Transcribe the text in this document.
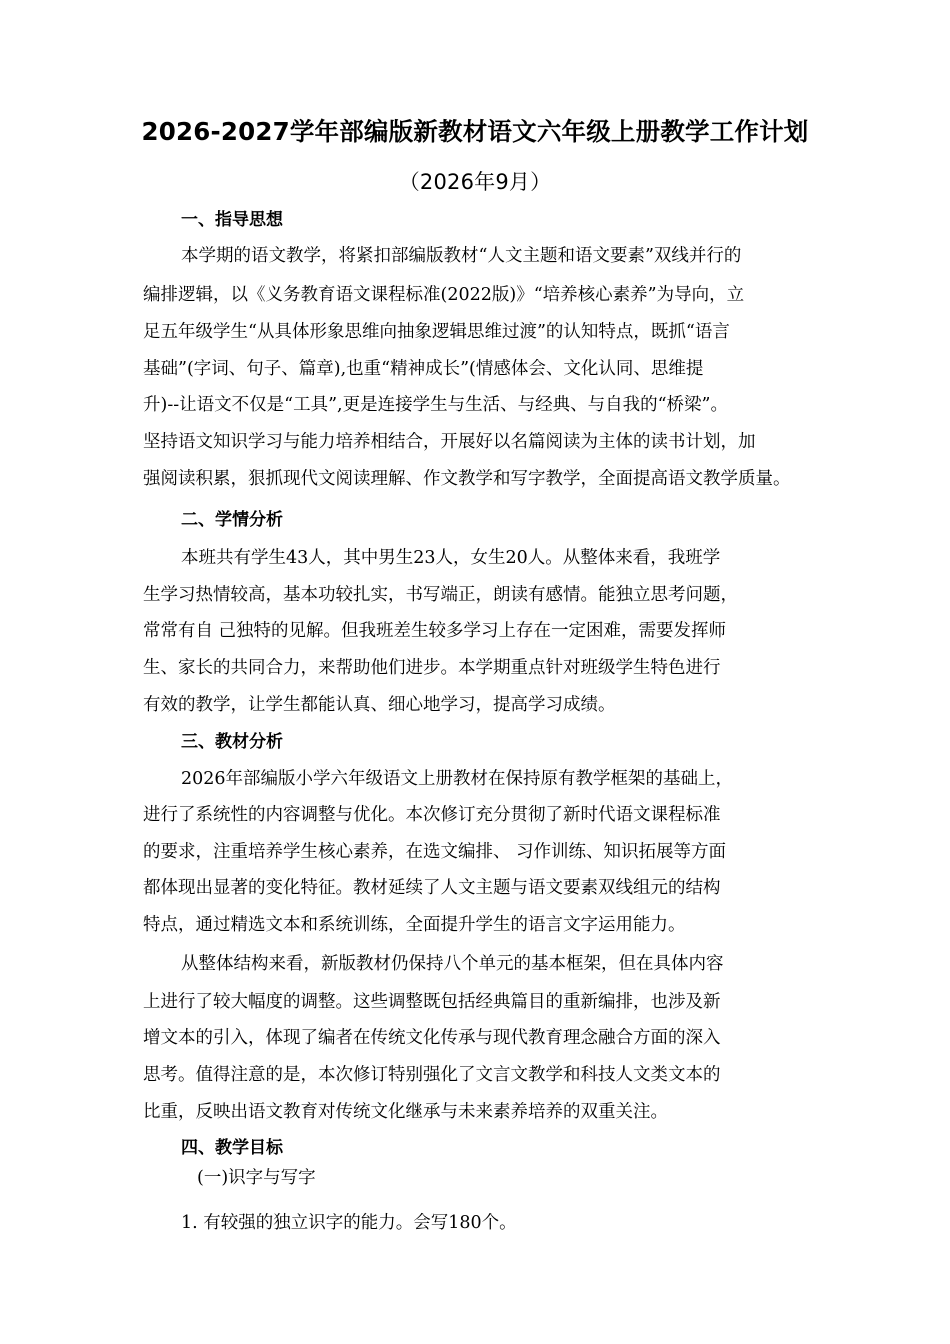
2026-2027学年部编版新教材语文六年级上册教学工作计划
（2026年9月）
一、指导思想
本学期的语文教学，将紧扣部编版教材“人文主题和语文要素”双线并行的
编排逻辑，以《义务教育语文课程标准(2022版)》“培养核心素养”为导向，立
足五年级学生“从具体形象思维向抽象逻辑思维过渡”的认知特点，既抓“语言
基础”(字词、句子、篇章),也重“精神成长”(情感体会、文化认同、思维提
升)--让语文不仅是“工具”,更是连接学生与生活、与经典、与自我的“桥梁”。
坚持语文知识学习与能力培养相结合，开展好以名篇阅读为主体的读书计划，加
强阅读积累，狠抓现代文阅读理解、作文教学和写字教学，全面提高语文教学质量。
二、学情分析
本班共有学生43人，其中男生23人，女生20人。从整体来看，我班学
生学习热情较高，基本功较扎实，书写端正，朗读有感情。能独立思考问题，
常常有自 己独特的见解。但我班差生较多学习上存在一定困难，需要发挥师
生、家长的共同合力，来帮助他们进步。本学期重点针对班级学生特色进行
有效的教学，让学生都能认真、细心地学习，提高学习成绩。
三、教材分析
2026年部编版小学六年级语文上册教材在保持原有教学框架的基础上，
进行了系统性的内容调整与优化。本次修订充分贯彻了新时代语文课程标准
的要求，注重培养学生核心素养，在选文编排、 习作训练、知识拓展等方面
都体现出显著的变化特征。教材延续了人文主题与语文要素双线组元的结构
特点，通过精选文本和系统训练，全面提升学生的语言文字运用能力。
从整体结构来看，新版教材仍保持八个单元的基本框架，但在具体内容
上进行了较大幅度的调整。这些调整既包括经典篇目的重新编排，也涉及新
增文本的引入，体现了编者在传统文化传承与现代教育理念融合方面的深入
思考。值得注意的是，本次修订特别强化了文言文教学和科技人文类文本的
比重，反映出语文教育对传统文化继承与未来素养培养的双重关注。
四、教学目标
(一)识字与写字
1. 有较强的独立识字的能力。会写180个。
